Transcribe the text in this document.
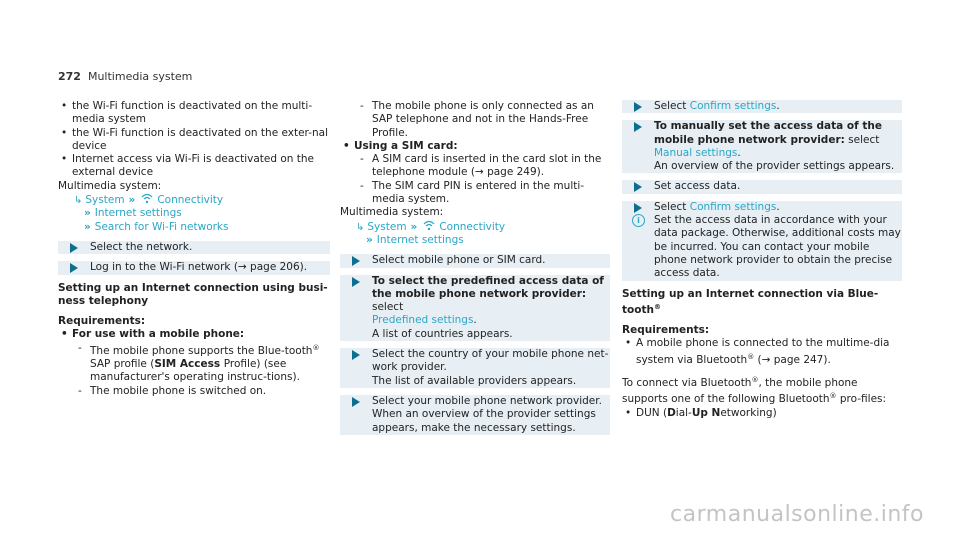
272 Multimedia system

• the Wi-Fi function is deactivated on the multi-media system

• the Wi-Fi function is deactivated on the exter-nal device

• Internet access via Wi-Fi is deactivated on the external device

Multimedia system:

↳ System » Connectivity
» Internet settings
» Search for Wi-Fi networks

Select the network.

Log in to the Wi-Fi network (→ page 206).

Setting up an Internet connection using busi-ness telephony

Requirements:

• For use with a mobile phone:

- The mobile phone supports the Blue-tooth® SAP profile (SIM Access Profile) (see manufacturer's operating instruc-tions).

- The mobile phone is switched on.

- The mobile phone is only connected as an SAP telephone and not in the Hands-Free Profile.

• Using a SIM card:

- A SIM card is inserted in the card slot in the telephone module (→ page 249).

- The SIM card PIN is entered in the multi-media system.

Multimedia system:

↳ System » Connectivity
» Internet settings

Select mobile phone or SIM card.

To select the predefined access data of the mobile phone network provider: select
Predefined settings.
A list of countries appears.
Select the country of your mobile phone net-work provider.
The list of available providers appears.

Select your mobile phone network provider. When an overview of the provider settings appears, make the necessary settings.

Select Confirm settings.

To manually set the access data of the mobile phone network provider: select
Manual settings.
An overview of the provider settings appears.

Set access data.

Select Confirm settings.

i	Set the access data in accordance with your data package. Otherwise, additional costs may be incurred. You can contact your mobile phone network provider to obtain the precise access data.

Setting up an Internet connection via Blue-tooth®

Requirements:

• A mobile phone is connected to the multime-dia system via Bluetooth® (→ page 247).

To connect via Bluetooth®, the mobile phone supports one of the following Bluetooth® pro-files:

• DUN (Dial-Up Networking)

carmanualsonline.info
